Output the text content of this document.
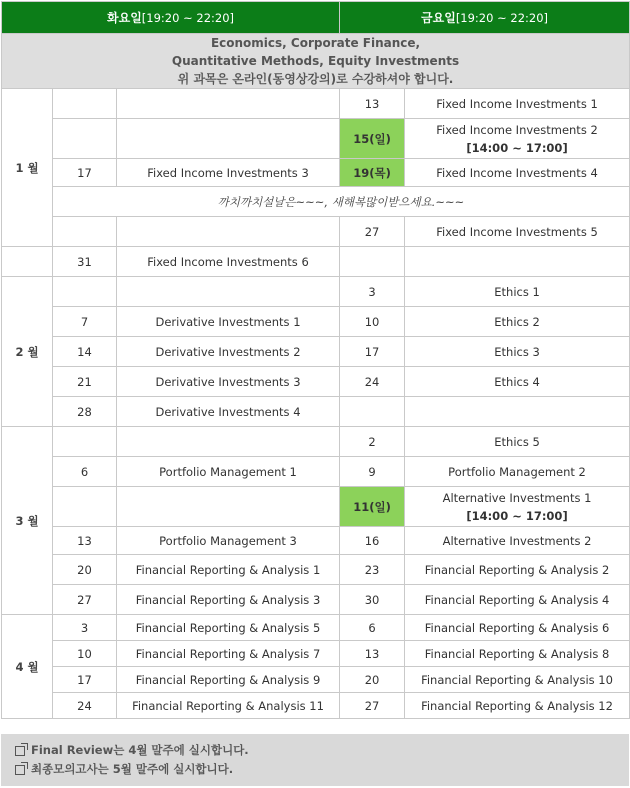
화요일[19:20 ~ 22:20]			금요일[19:20 ~ 22:20]	

Economics, Corporate Finance,
Quantitative Methods, Equity Investments
위 과목은 온라인(동영상강의)로 수강하셔야 합니다.				

1 월			13	Fixed Income Investments 1
			15(일)	Fixed Income Investments 2
[14:00 ~ 17:00]

	17	Fixed Income Investments 3	19(목)	Fixed Income Investments 4
	까치까치설날은~~~, 새해복많이받으세요.~~~			
			27	Fixed Income Investments 5
	31	Fixed Income Investments 6		
2 월			3	Ethics 1
	7	Derivative Investments 1	10	Ethics 2
	14	Derivative Investments 2	17	Ethics 3
	21	Derivative Investments 3	24	Ethics 4
	28	Derivative Investments 4		
3 월			2	Ethics 5
	6	Portfolio Management 1	9	Portfolio Management 2
			11(일)	Alternative Investments 1
[14:00 ~ 17:00]

	13	Portfolio Management 3	16	Alternative Investments 2
	20	Financial Reporting & Analysis 1	23	Financial Reporting & Analysis 2
	27	Financial Reporting & Analysis 3	30	Financial Reporting & Analysis 4
4 월	3	Financial Reporting & Analysis 5	6	Financial Reporting & Analysis 6
	10	Financial Reporting & Analysis 7	13	Financial Reporting & Analysis 8
	17	Financial Reporting & Analysis 9	20	Financial Reporting & Analysis 10
	24	Financial Reporting & Analysis 11	27	Financial Reporting & Analysis 12
Final Review는 4월 말주에 실시합니다.
최종모의고사는 5월 말주에 실시합니다.
